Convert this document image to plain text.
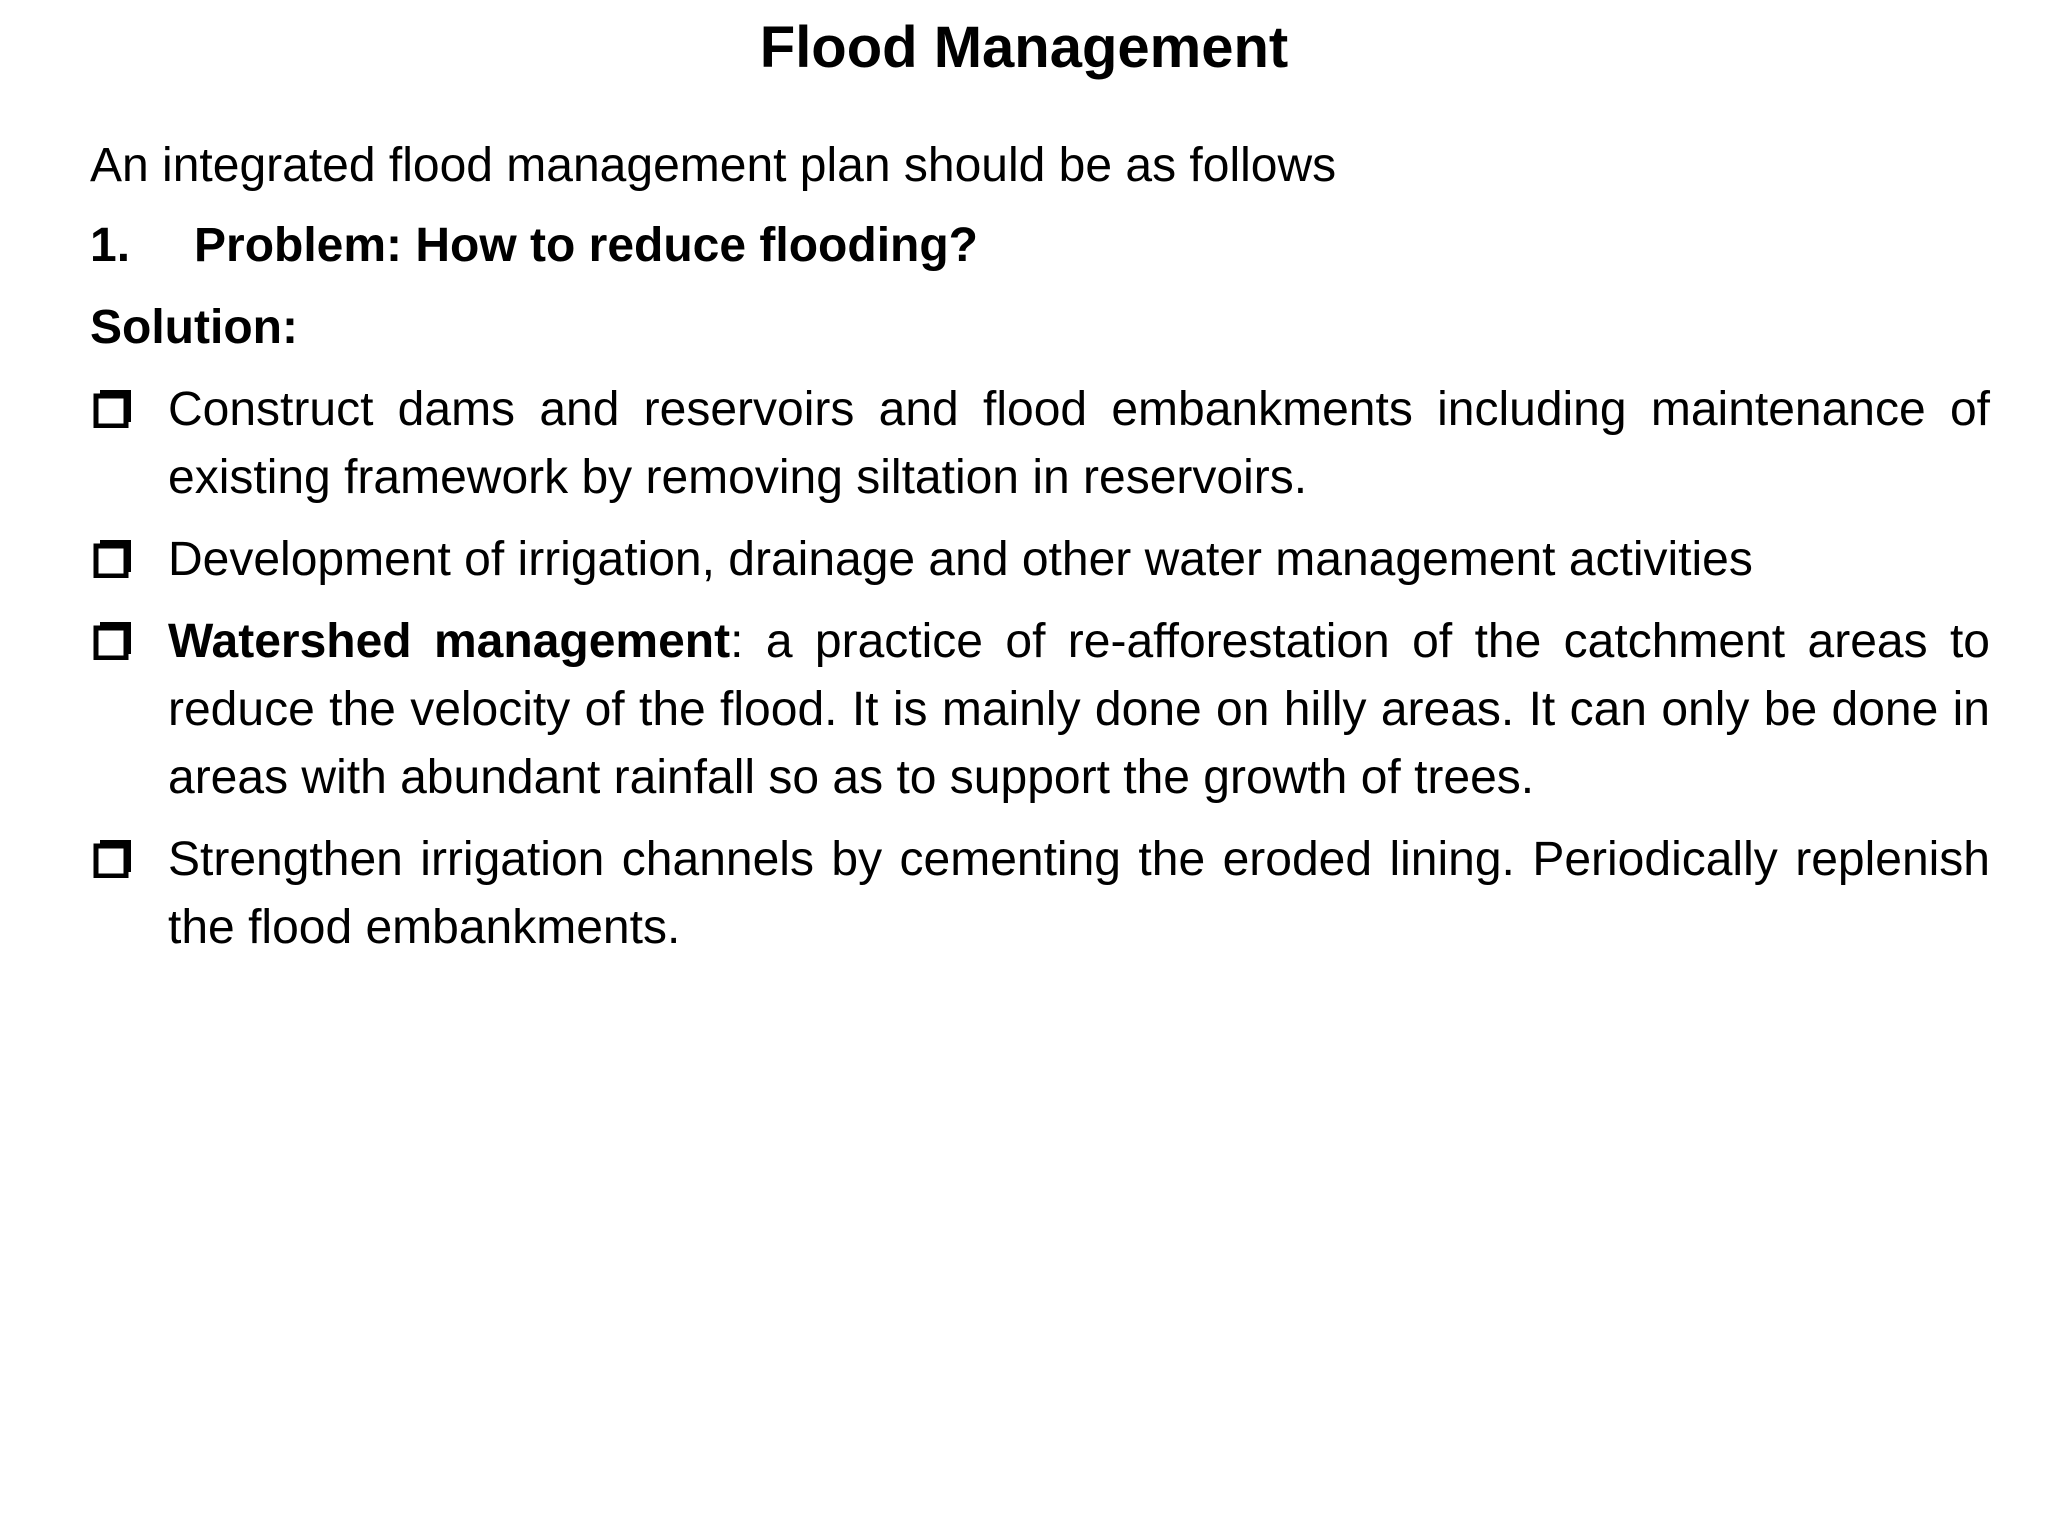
Flood Management

An integrated flood management plan should be as follows

1.	Problem: How to reduce flooding?

Solution:

Construct dams and reservoirs and flood embankments including maintenance of existing framework by removing siltation in reservoirs.
Development of irrigation, drainage and other water management activities
Watershed management: a practice of re-afforestation of the catchment areas to reduce the velocity of the flood. It is mainly done on hilly areas. It can only be done in areas with abundant rainfall so as to support the growth of trees.
Strengthen irrigation channels by cementing the eroded lining. Periodically replenish the flood embankments.
